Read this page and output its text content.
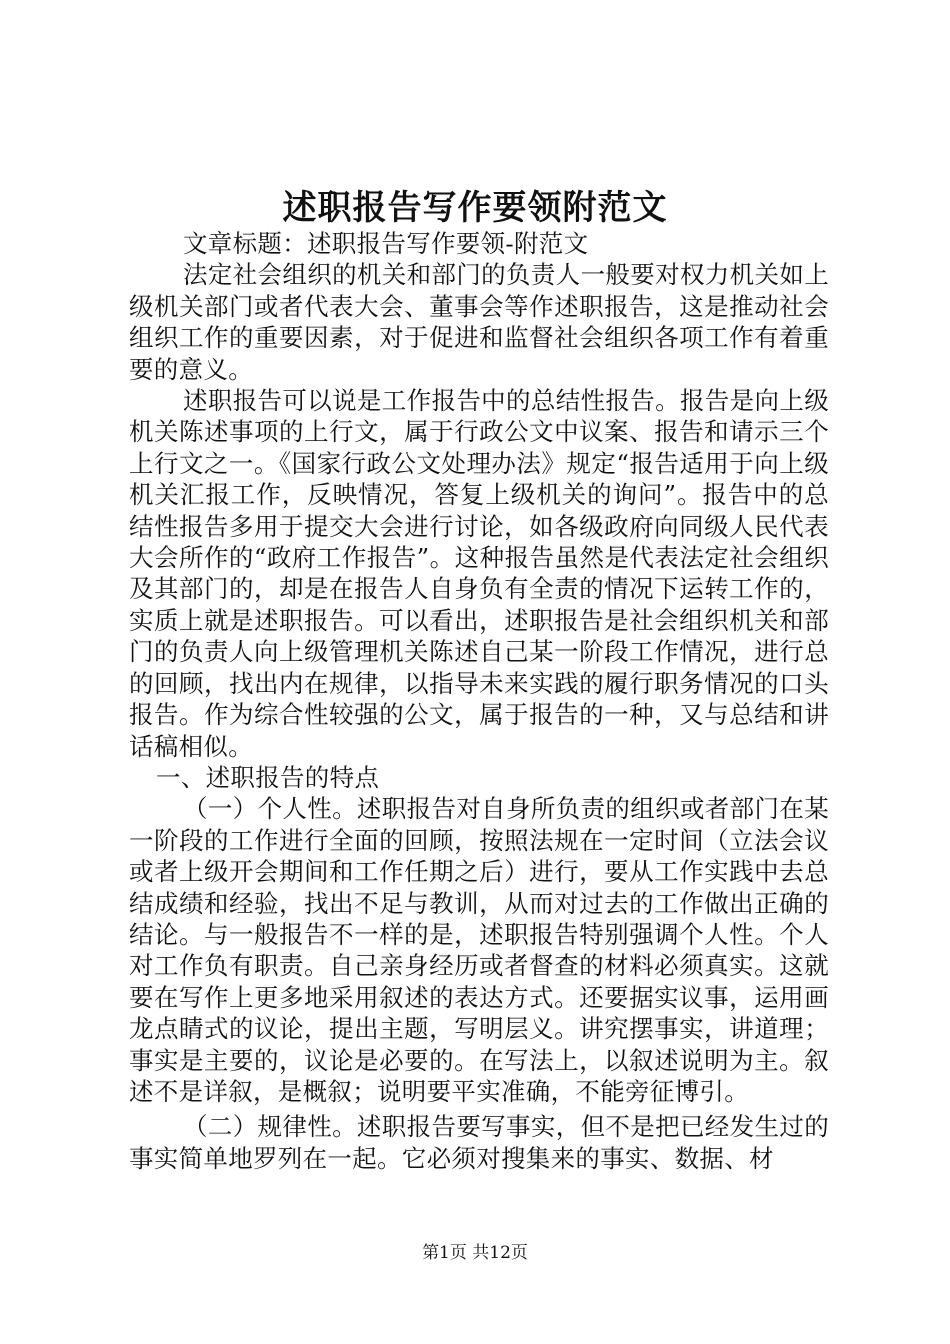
述职报告写作要领附范文

文章标题：述职报告写作要领-附范文

法定社会组织的机关和部门的负责人一般要对权力机关如上级机关部门或者代表大会、董事会等作述职报告，这是推动社会组织工作的重要因素，对于促进和监督社会组织各项工作有着重要的意义。

述职报告可以说是工作报告中的总结性报告。报告是向上级机关陈述事项的上行文，属于行政公文中议案、报告和请示三个上行文之一。《国家行政公文处理办法》规定“报告适用于向上级机关汇报工作，反映情况，答复上级机关的询问”。报告中的总结性报告多用于提交大会进行讨论，如各级政府向同级人民代表大会所作的“政府工作报告”。这种报告虽然是代表法定社会组织及其部门的，却是在报告人自身负有全责的情况下运转工作的，实质上就是述职报告。可以看出，述职报告是社会组织机关和部门的负责人向上级管理机关陈述自己某一阶段工作情况，进行总的回顾，找出内在规律，以指导未来实践的履行职务情况的口头报告。作为综合性较强的公文，属于报告的一种，又与总结和讲话稿相似。

一、述职报告的特点

（一）个人性。述职报告对自身所负责的组织或者部门在某一阶段的工作进行全面的回顾，按照法规在一定时间（立法会议或者上级开会期间和工作任期之后）进行，要从工作实践中去总结成绩和经验，找出不足与教训，从而对过去的工作做出正确的结论。与一般报告不一样的是，述职报告特别强调个人性。个人对工作负有职责。自己亲身经历或者督查的材料必须真实。这就要在写作上更多地采用叙述的表达方式。还要据实议事，运用画龙点睛式的议论，提出主题，写明层义。讲究摆事实，讲道理；事实是主要的，议论是必要的。在写法上，以叙述说明为主。叙述不是详叙，是概叙；说明要平实准确，不能旁征博引。

（二）规律性。述职报告要写事实，但不是把已经发生过的事实简单地罗列在一起。它必须对搜集来的事实、数据、材

第1页 共12页
